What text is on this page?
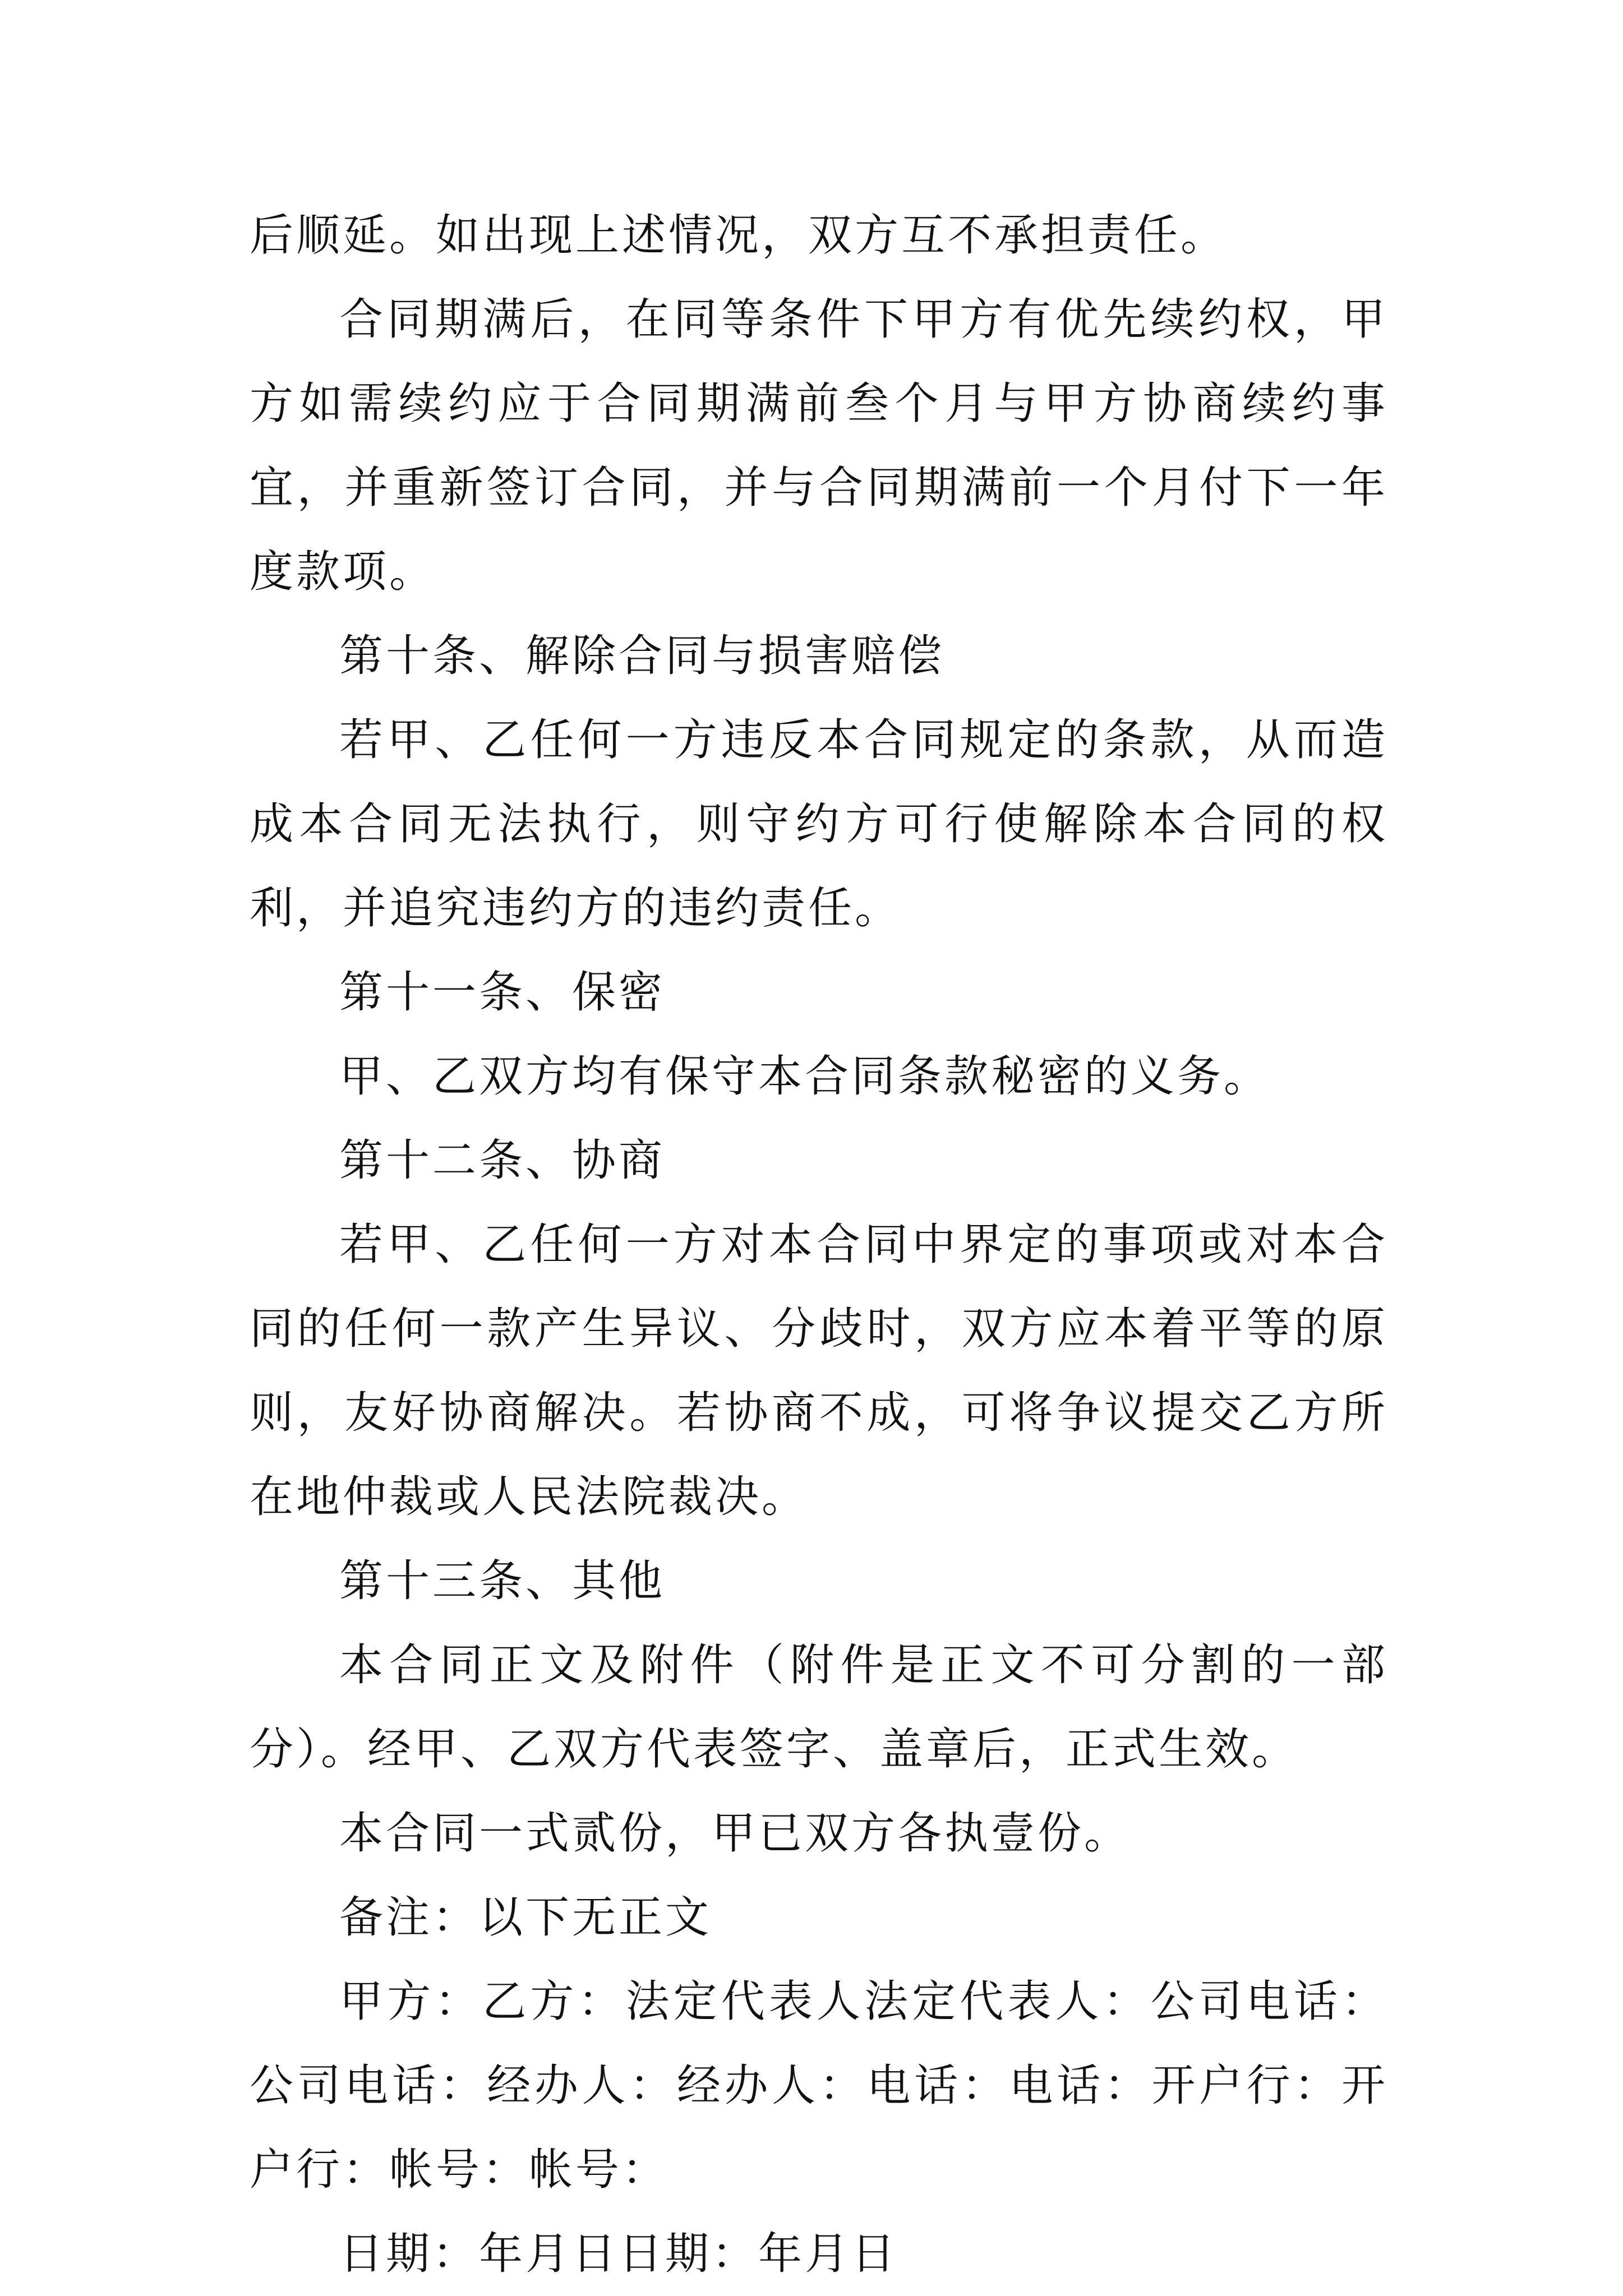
后顺延。如出现上述情况，双方互不承担责任。

合同期满后，在同等条件下甲方有优先续约权，甲方如需续约应于合同期满前叁个月与甲方协商续约事宜，并重新签订合同，并与合同期满前一个月付下一年度款项。

第十条、解除合同与损害赔偿

若甲、乙任何一方违反本合同规定的条款，从而造成本合同无法执行，则守约方可行使解除本合同的权利，并追究违约方的违约责任。

第十一条、保密

甲、乙双方均有保守本合同条款秘密的义务。

第十二条、协商

若甲、乙任何一方对本合同中界定的事项或对本合同的任何一款产生异议、分歧时，双方应本着平等的原则，友好协商解决。若协商不成，可将争议提交乙方所在地仲裁或人民法院裁决。

第十三条、其他

本合同正文及附件（附件是正文不可分割的一部分）。经甲、乙双方代表签字、盖章后，正式生效。

本合同一式贰份，甲已双方各执壹份。

备注：以下无正文

甲方：乙方：法定代表人法定代表人：公司电话：公司电话：经办人：经办人：电话：电话：开户行：开户行：帐号：帐号：

日期：年月日日期：年月日
